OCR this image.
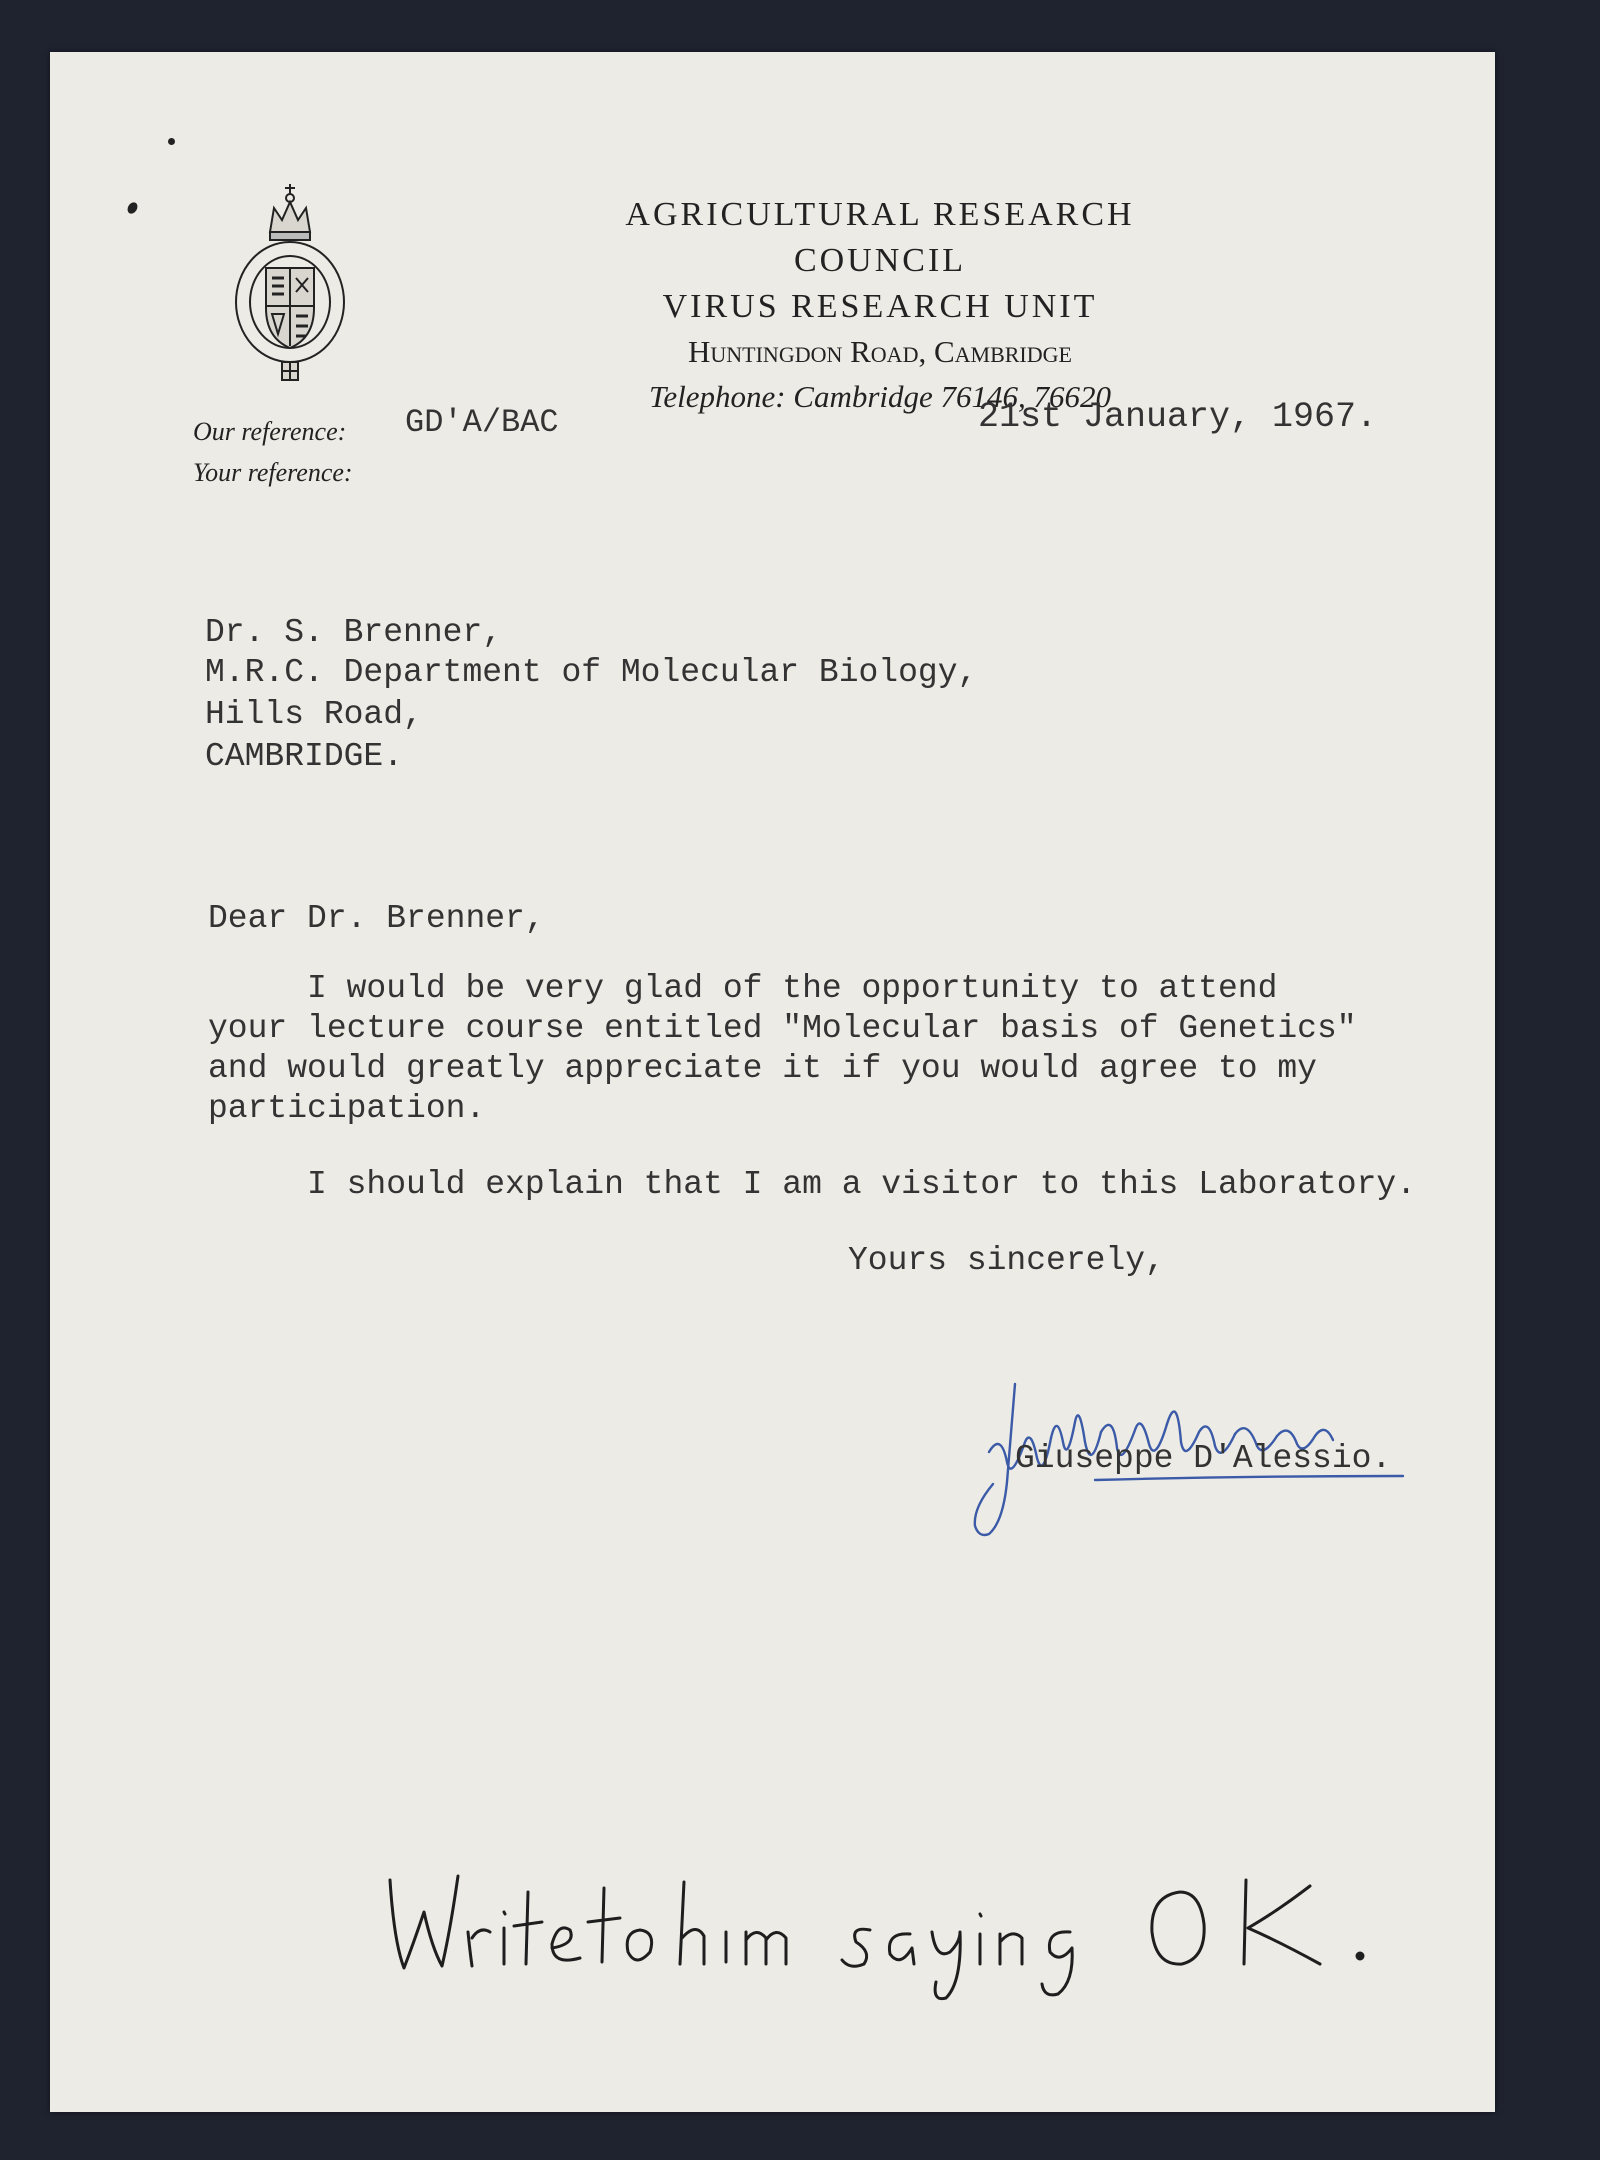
AGRICULTURAL RESEARCH COUNCIL
VIRUS RESEARCH UNIT
Huntingdon Road, Cambridge
Telephone: Cambridge 76146, 76620
Our reference: GD'A/BAC
Your reference:
21st January, 1967.
Dr. S. Brenner,
M.R.C. Department of Molecular Biology,
Hills Road,
CAMBRIDGE.
Dear Dr. Brenner,
I would be very glad of the opportunity to attend
your lecture course entitled "Molecular basis of Genetics"
and would greatly appreciate it if you would agree to my
participation.
I should explain that I am a visitor to this Laboratory.
Yours sincerely,
Giuseppe D'Alessio.
